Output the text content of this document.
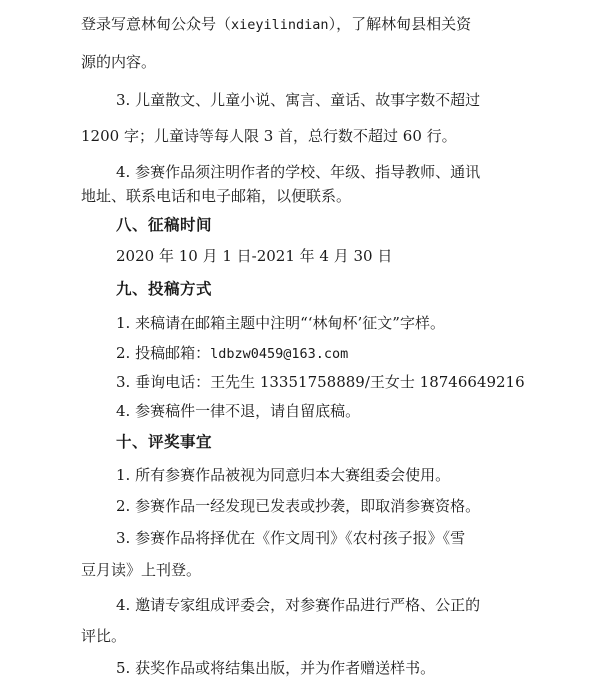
登录写意林甸公众号（xieyilindian），了解林甸县相关资
源的内容。
3. 儿童散文、儿童小说、寓言、童话、故事字数不超过
1200 字；儿童诗等每人限 3 首，总行数不超过 60 行。
4. 参赛作品须注明作者的学校、年级、指导教师、通讯
地址、联系电话和电子邮箱，以便联系。
八、征稿时间
2020 年 10 月 1 日-2021 年 4 月 30 日
九、投稿方式
1. 来稿请在邮箱主题中注明“‘林甸杯’征文”字样。
2. 投稿邮箱：ldbzw0459@163.com
3. 垂询电话：王先生 13351758889/王女士 18746649216
4. 参赛稿件一律不退，请自留底稿。
十、评奖事宜
1. 所有参赛作品被视为同意归本大赛组委会使用。
2. 参赛作品一经发现已发表或抄袭，即取消参赛资格。
3. 参赛作品将择优在《作文周刊》《农村孩子报》《雪
豆月读》上刊登。
4. 邀请专家组成评委会，对参赛作品进行严格、公正的
评比。
5. 获奖作品或将结集出版，并为作者赠送样书。
